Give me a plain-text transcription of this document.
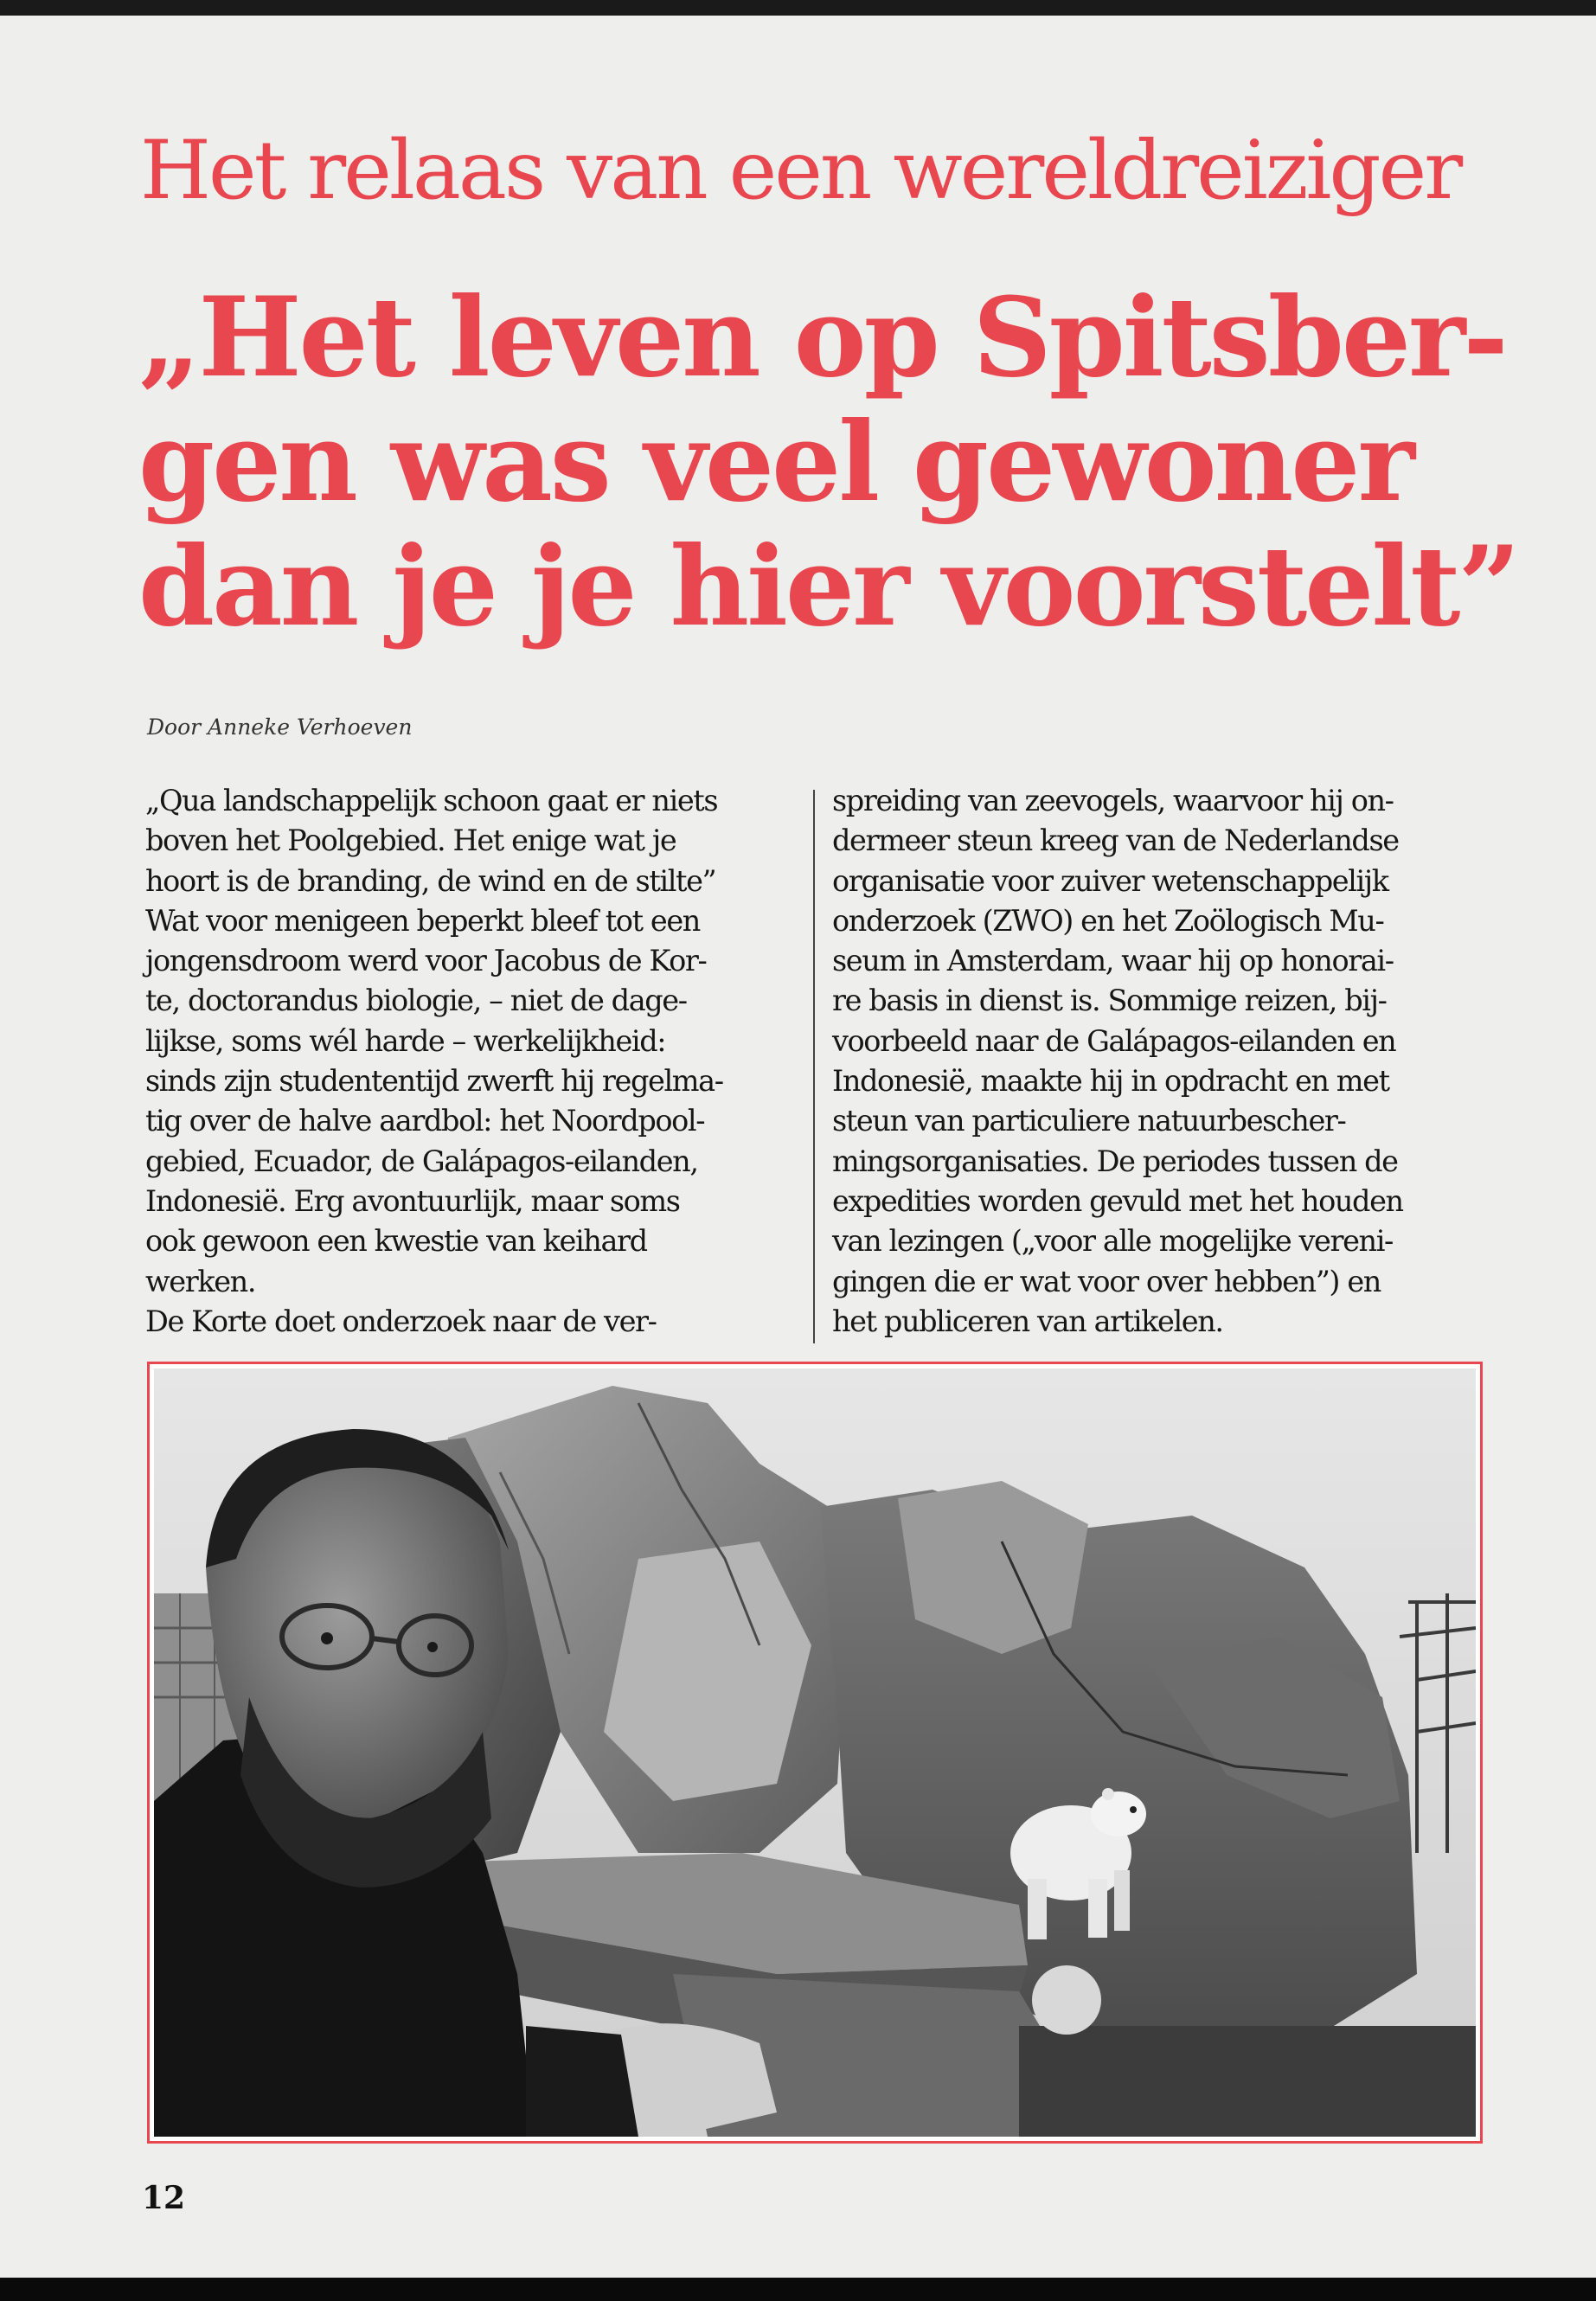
Het relaas van een wereldreiziger
„Het leven op Spitsber-
gen was veel gewoner
dan je je hier voorstelt”
Door Anneke Verhoeven
„Qua landschappelijk schoon gaat er niets
boven het Poolgebied. Het enige wat je
hoort is de branding, de wind en de stilte”
Wat voor menigeen beperkt bleef tot een
jongensdroom werd voor Jacobus de Kor-
te, doctorandus biologie, – niet de dage-
lijkse, soms wél harde – werkelijkheid:
sinds zijn studententijd zwerft hij regelma-
tig over de halve aardbol: het Noordpool-
gebied, Ecuador, de Galápagos-eilanden,
Indonesië. Erg avontuurlijk, maar soms
ook gewoon een kwestie van keihard
werken.
De Korte doet onderzoek naar de ver-
spreiding van zeevogels, waarvoor hij on-
dermeer steun kreeg van de Nederlandse
organisatie voor zuiver wetenschappelijk
onderzoek (ZWO) en het Zoölogisch Mu-
seum in Amsterdam, waar hij op honorai-
re basis in dienst is. Sommige reizen, bij-
voorbeeld naar de Galápagos-eilanden en
Indonesië, maakte hij in opdracht en met
steun van particuliere natuurbescher-
mingsorganisaties. De periodes tussen de
expedities worden gevuld met het houden
van lezingen („voor alle mogelijke vereni-
gingen die er wat voor over hebben”) en
het publiceren van artikelen.
12
